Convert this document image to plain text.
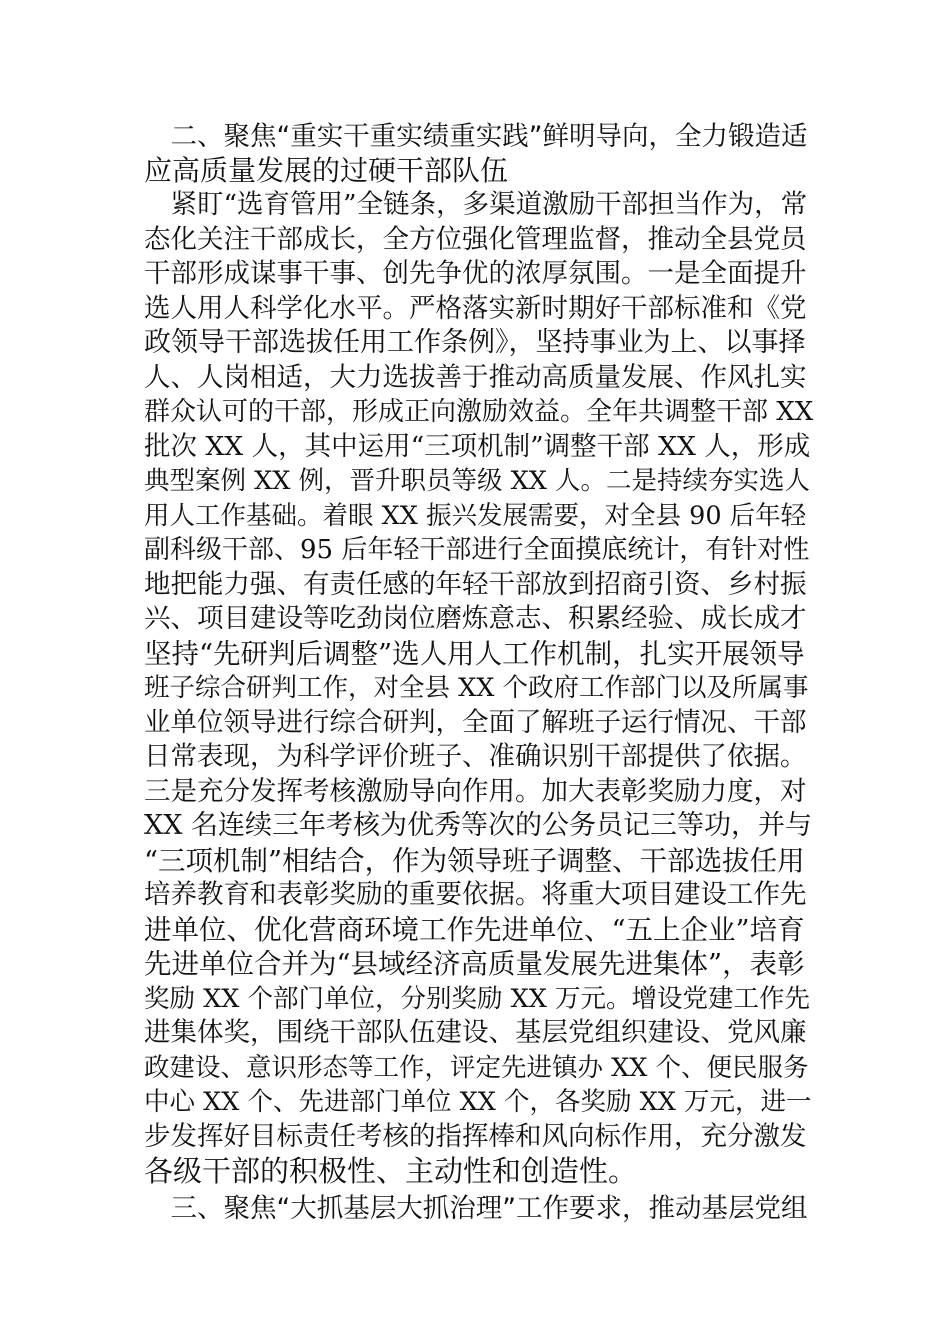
　二、聚焦“重实干重实绩重实践”鲜明导向，全力锻造适
应高质量发展的过硬干部队伍
　紧盯“选育管用”全链条，多渠道激励干部担当作为，常
态化关注干部成长，全方位强化管理监督，推动全县党员
干部形成谋事干事、创先争优的浓厚氛围。一是全面提升
选人用人科学化水平。严格落实新时期好干部标准和《党
政领导干部选拔任用工作条例》，坚持事业为上、以事择
人、人岗相适，大力选拔善于推动高质量发展、作风扎实
群众认可的干部，形成正向激励效益。全年共调整干部 XX
批次 XX 人，其中运用“三项机制”调整干部 XX 人，形成
典型案例 XX 例，晋升职员等级 XX 人。二是持续夯实选人
用人工作基础。着眼 XX 振兴发展需要，对全县 90 后年轻
副科级干部、95 后年轻干部进行全面摸底统计，有针对性
地把能力强、有责任感的年轻干部放到招商引资、乡村振
兴、项目建设等吃劲岗位磨炼意志、积累经验、成长成才
坚持“先研判后调整”选人用人工作机制，扎实开展领导
班子综合研判工作，对全县 XX 个政府工作部门以及所属事
业单位领导进行综合研判，全面了解班子运行情况、干部
日常表现，为科学评价班子、准确识别干部提供了依据。
三是充分发挥考核激励导向作用。加大表彰奖励力度，对
XX 名连续三年考核为优秀等次的公务员记三等功，并与
“三项机制”相结合，作为领导班子调整、干部选拔任用
培养教育和表彰奖励的重要依据。将重大项目建设工作先
进单位、优化营商环境工作先进单位、“五上企业”培育
先进单位合并为“县域经济高质量发展先进集体”，表彰
奖励 XX 个部门单位，分别奖励 XX 万元。增设党建工作先
进集体奖，围绕干部队伍建设、基层党组织建设、党风廉
政建设、意识形态等工作，评定先进镇办 XX 个、便民服务
中心 XX 个、先进部门单位 XX 个，各奖励 XX 万元，进一
步发挥好目标责任考核的指挥棒和风向标作用，充分激发
各级干部的积极性、主动性和创造性。
　三、聚焦“大抓基层大抓治理”工作要求，推动基层党组
